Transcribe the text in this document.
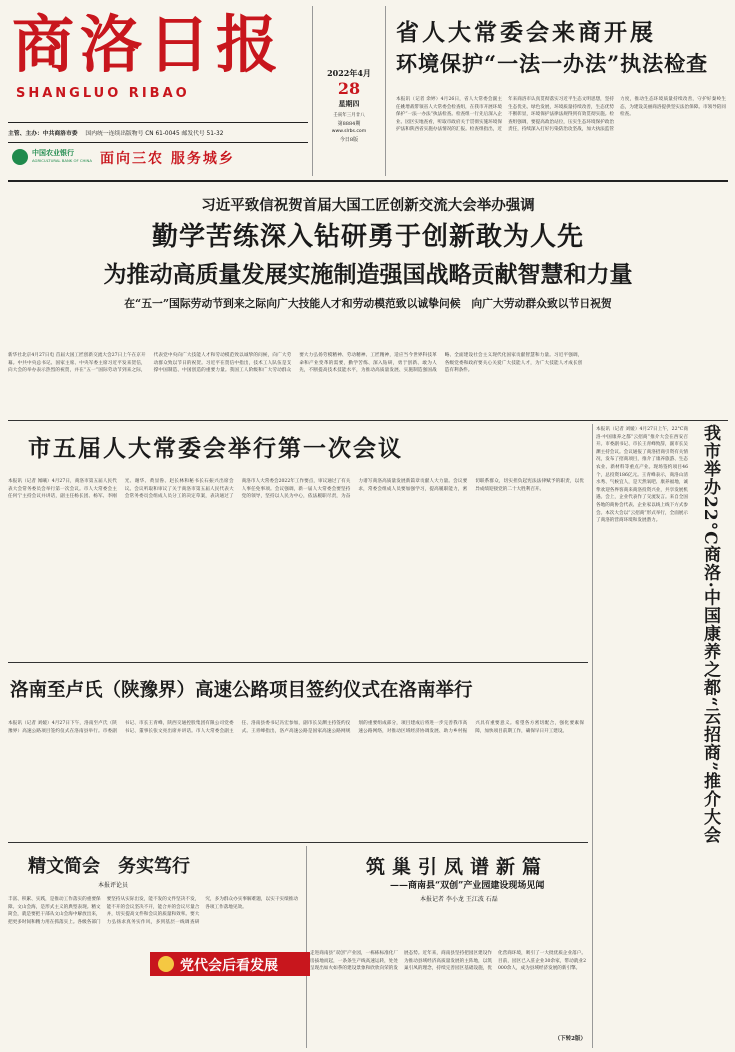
商洛日报
SHANGLUO RIBAO
主管、主办：中共商洛市委 国内统一连续出版物号 CN 61-0045 邮发代号 51-32
中国农业银行
AGRICULTURAL BANK OF CHINA 面向三农 服务城乡
2022年4月
28
星期四
壬寅年三月廿八
第8884期
www.slrbs.com
今日8版
省人大常委会来商开展
环境保护“一法一办法”执法检查
本报讯（记者 余婷）4月26日，省人大常委会副主任姚增战带领省人大常委会检查组，在我市开展环境保护“一法一办法”执法检查。检查组一行先后深入企业、园区实地查看，听取市政府关于贯彻实施环境保护法和陕西省实施办法情况的汇报。检查组指出，近年来商洛市认真贯彻落实习近平生态文明思想，坚持生态优先、绿色发展，环境质量持续改善，生态优势不断彰显，环境保护法律法规得到有效贯彻实施。检查组强调，要提高政治站位，压实生态环境保护政治责任，持续深入打好污染防治攻坚战，加大执法监管力度，推动生态环境质量持续改善，守护好秦岭生态，为建设美丽商洛提供坚实法治保障。市领导陪同检查。
习近平致信祝贺首届大国工匠创新交流大会举办强调
勤学苦练深入钻研勇于创新敢为人先
为推动高质量发展实施制造强国战略贡献智慧和力量
在“五一”国际劳动节到来之际向广大技能人才和劳动模范致以诚挚问候　向广大劳动群众致以节日祝贺
新华社北京4月27日电 首届大国工匠创新交流大会27日上午在京开幕。中共中央总书记、国家主席、中央军委主席习近平发来贺信，向大会的举办表示热烈的祝贺，并在“五一”国际劳动节到来之际，代表党中央向广大技能人才和劳动模范致以诚挚的问候，向广大劳动群众致以节日的祝贺。习近平在贺信中指出，技术工人队伍是支撑中国制造、中国创造的重要力量。我国工人阶级和广大劳动群众要大力弘扬劳模精神、劳动精神、工匠精神，适应当今世界科技革命和产业变革的需要，勤学苦练、深入钻研，勇于创新、敢为人先，不断提高技术技能水平，为推动高质量发展、实施制造强国战略、全面建设社会主义现代化国家贡献智慧和力量。习近平强调，各级党委和政府要关心关爱广大技能人才，为广大技能人才成长创造有利条件。
市五届人大常委会举行第一次会议
本报讯（记者 闻曦）4月27日，商洛市第五届人民代表大会常务委员会举行第一次会议。市人大常委会主任何宁主持会议并讲话，副主任杨长团、杨军、李刚光、谢华、黄显鲁、赵长林和秘书长石振兴出席会议。会议听取和审议了关于商洛市第五届人民代表大会常务委员会组成人员分工的决定草案，表决通过了商洛市人大常委会2022年工作要点，审议通过了有关人事任免事项。会议强调，新一届人大常委会要坚持党的领导，坚持以人民为中心，依法履职尽责，为奋力谱写商洛高质量发展新篇章贡献人大力量。会议要求，常委会组成人员要加强学习，提高履职能力，密切联系群众，切实担负起宪法法律赋予的职责，以优异成绩迎接党的二十大胜利召开。
本报讯（记者 刘媛）4月27日上午，22°C商洛·中国康养之都“云招商”推介大会在西安召开。市委副书记、市长王青峰致辞，副市长吴渊主持会议。会议通报了商洛招商引资有关情况，发布了招商项目，推介了康养旅游、生态农业、新材料等重点产业。现场签约项目46个，总投资186亿元。王青峰表示，商洛山清水秀、气候宜人，是天然氧吧、康养福地，诚挚欢迎各界客商来商洛投资兴业，共享发展机遇。会上，企业代表作了交流发言。来自全国各地的商协会代表、企业家以线上线下方式参会。本次大会以“云招商”形式举行，全面展示了商洛的营商环境和发展潜力。	我市举办22°C商洛·中国康养之都“云招商”推介大会
洛南至卢氏（陕豫界）高速公路项目签约仪式在洛南举行
本报讯（记者 刘媛）4月27日下午，洛南至卢氏（陕豫界）高速公路项目签约仪式在洛南县举行。市委副书记、市长王青峰，陕西交通控股集团有限公司党委书记、董事长张文亮出席并讲话。市人大常委会副主任、洛南县委书记冯宏参加，副市长吴渊主持签约仪式。王青峰指出，洛卢高速公路是国家高速公路网规划的重要组成部分，项目建成后将进一步完善我市高速公路网络，对推动区域经济协调发展、助力乡村振兴具有重要意义。希望各方密切配合，强化要素保障，加快项目前期工作，确保早日开工建设。
精文简会　务实笃行
本报评论员
丰富、积累、实践，是推动工作落实的重要保障。文山会海，是形式主义的典型表现。精文简会，就是要把干部从文山会海中解放出来，把更多时间和精力用在抓落实上。各级各部门要坚持从实际出发，能不发的文件坚决不发，能不开的会议坚决不开，能合并的会议尽量合并，切实提高文件和会议的质量和效率。要大力弘扬求真务实作风，多到基层一线调查研究，多为群众办实事解难题，以实干实绩推动各项工作落地见效。
筑巢引凤谱新篇
——商南县“双创”产业园建设现场见闻
本报记者 李小龙 王江波 石磊
走进商南县“双创”产业园，一栋栋标准化厂房拔地而起，一条条生产线高速运转，处处呈现出如火如荼的建设景象和欣欣向荣的发展态势。近年来，商南县坚持把园区建设作为推动县域经济高质量发展的主阵地，以筑巢引凤的理念，持续完善园区基础设施，优化营商环境，吸引了一大批优质企业落户。目前，园区已入驻企业30余家，带动就业2000余人，成为县域经济发展的新引擎。
（下转2版）
党代会后看发展
